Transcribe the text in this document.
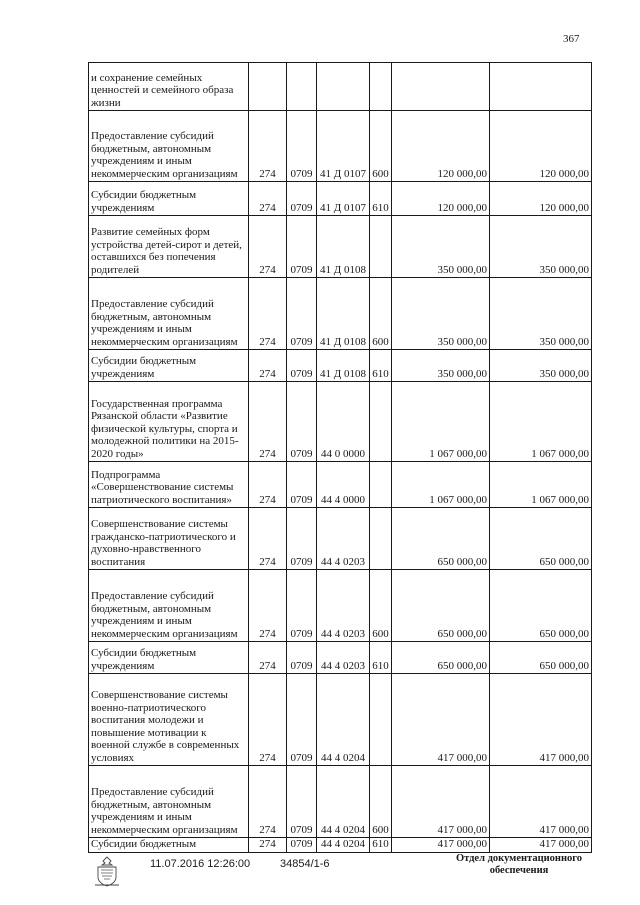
367
и сохранение семейных ценностей и семейного образа жизни						
Предоставление субсидий бюджетным, автономным учреждениям и иным некоммерческим организациям	274	0709	41 Д 0107	600	120 000,00	120 000,00
Субсидии бюджетным учреждениям	274	0709	41 Д 0107	610	120 000,00	120 000,00
Развитие семейных форм устройства детей-сирот и детей, оставшихся без попечения родителей	274	0709	41 Д 0108		350 000,00	350 000,00
Предоставление субсидий бюджетным, автономным учреждениям и иным некоммерческим организациям	274	0709	41 Д 0108	600	350 000,00	350 000,00
Субсидии бюджетным учреждениям	274	0709	41 Д 0108	610	350 000,00	350 000,00
Государственная программа Рязанской области «Развитие физической культуры, спорта и молодежной политики на 2015-2020 годы»	274	0709	44 0 0000		1 067 000,00	1 067 000,00
Подпрограмма «Совершенствование системы патриотического воспитания»	274	0709	44 4 0000		1 067 000,00	1 067 000,00
Совершенствование системы гражданско-патриотического и духовно-нравственного воспитания	274	0709	44 4 0203		650 000,00	650 000,00
Предоставление субсидий бюджетным, автономным учреждениям и иным некоммерческим организациям	274	0709	44 4 0203	600	650 000,00	650 000,00
Субсидии бюджетным учреждениям	274	0709	44 4 0203	610	650 000,00	650 000,00
Совершенствование системы военно-патриотического воспитания молодежи и повышение мотивации к военной службе в современных условиях	274	0709	44 4 0204		417 000,00	417 000,00
Предоставление субсидий бюджетным, автономным учреждениям и иным некоммерческим организациям	274	0709	44 4 0204	600	417 000,00	417 000,00
Субсидии бюджетным	274	0709	44 4 0204	610	417 000,00	417 000,00
11.07.2016 12:26:00	34854/1-6	Отдел документационного обеспечения
